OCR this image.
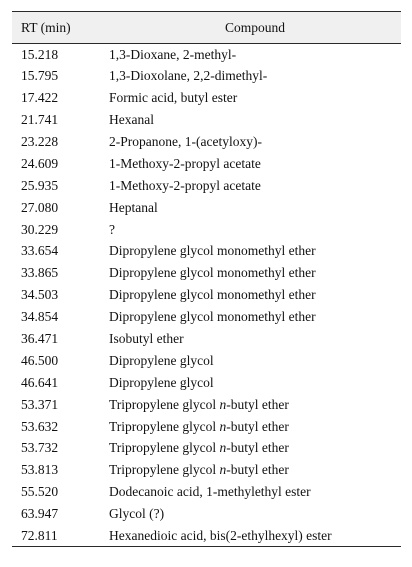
RT (min)	Compound
15.218	1,3-Dioxane, 2-methyl-
15.795	1,3-Dioxolane, 2,2-dimethyl-
17.422	Formic acid, butyl ester
21.741	Hexanal
23.228	2-Propanone, 1-(acetyloxy)-
24.609	1-Methoxy-2-propyl acetate
25.935	1-Methoxy-2-propyl acetate
27.080	Heptanal
30.229	?
33.654	Dipropylene glycol monomethyl ether
33.865	Dipropylene glycol monomethyl ether
34.503	Dipropylene glycol monomethyl ether
34.854	Dipropylene glycol monomethyl ether
36.471	Isobutyl ether
46.500	Dipropylene glycol
46.641	Dipropylene glycol
53.371	Tripropylene glycol n-butyl ether
53.632	Tripropylene glycol n-butyl ether
53.732	Tripropylene glycol n-butyl ether
53.813	Tripropylene glycol n-butyl ether
55.520	Dodecanoic acid, 1-methylethyl ester
63.947	Glycol (?)
72.811	Hexanedioic acid, bis(2-ethylhexyl) ester
